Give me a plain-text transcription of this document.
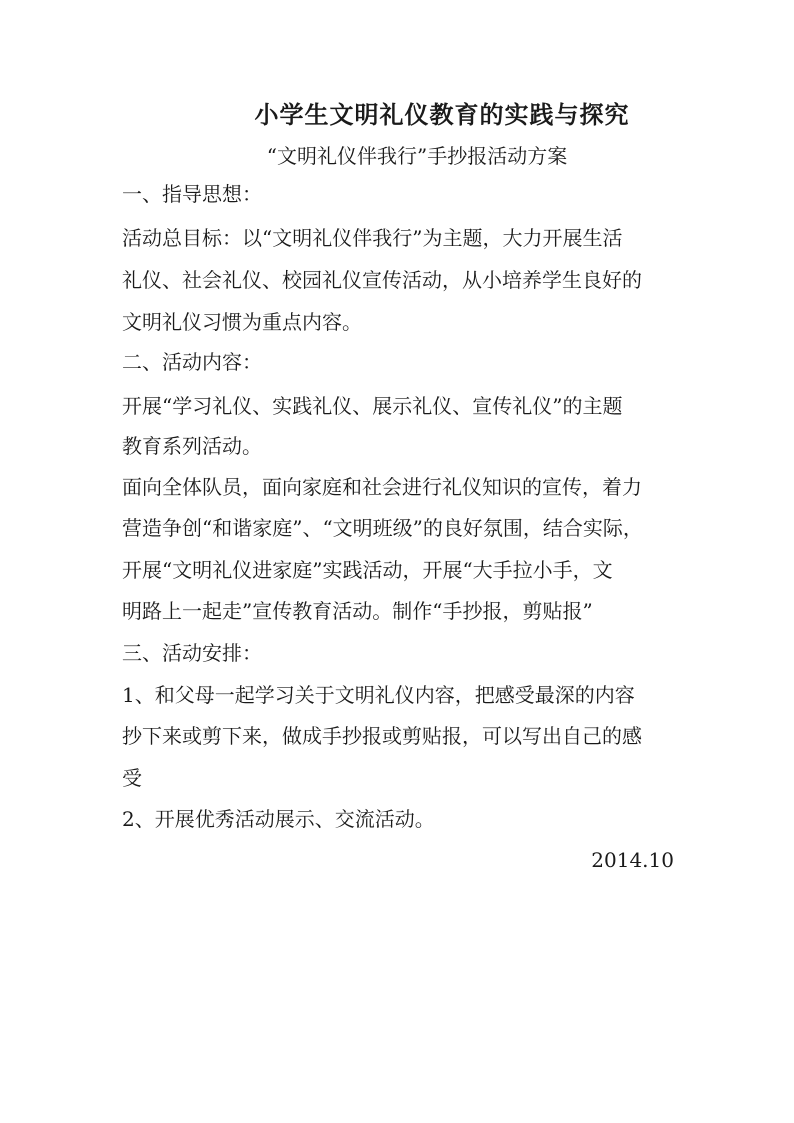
小学生文明礼仪教育的实践与探究
“文明礼仪伴我行”手抄报活动方案
一、指导思想：
活动总目标：以“文明礼仪伴我行”为主题，大力开展生活
礼仪、社会礼仪、校园礼仪宣传活动，从小培养学生良好的
文明礼仪习惯为重点内容。
二、活动内容：
开展“学习礼仪、实践礼仪、展示礼仪、宣传礼仪”的主题
教育系列活动。
面向全体队员，面向家庭和社会进行礼仪知识的宣传，着力
营造争创“和谐家庭”、“文明班级”的良好氛围，结合实际，
开展“文明礼仪进家庭”实践活动，开展“大手拉小手，文
明路上一起走”宣传教育活动。制作“手抄报，剪贴报”
三、活动安排：
1、和父母一起学习关于文明礼仪内容，把感受最深的内容
抄下来或剪下来，做成手抄报或剪贴报，可以写出自己的感
受
2、开展优秀活动展示、交流活动。
2014.10
